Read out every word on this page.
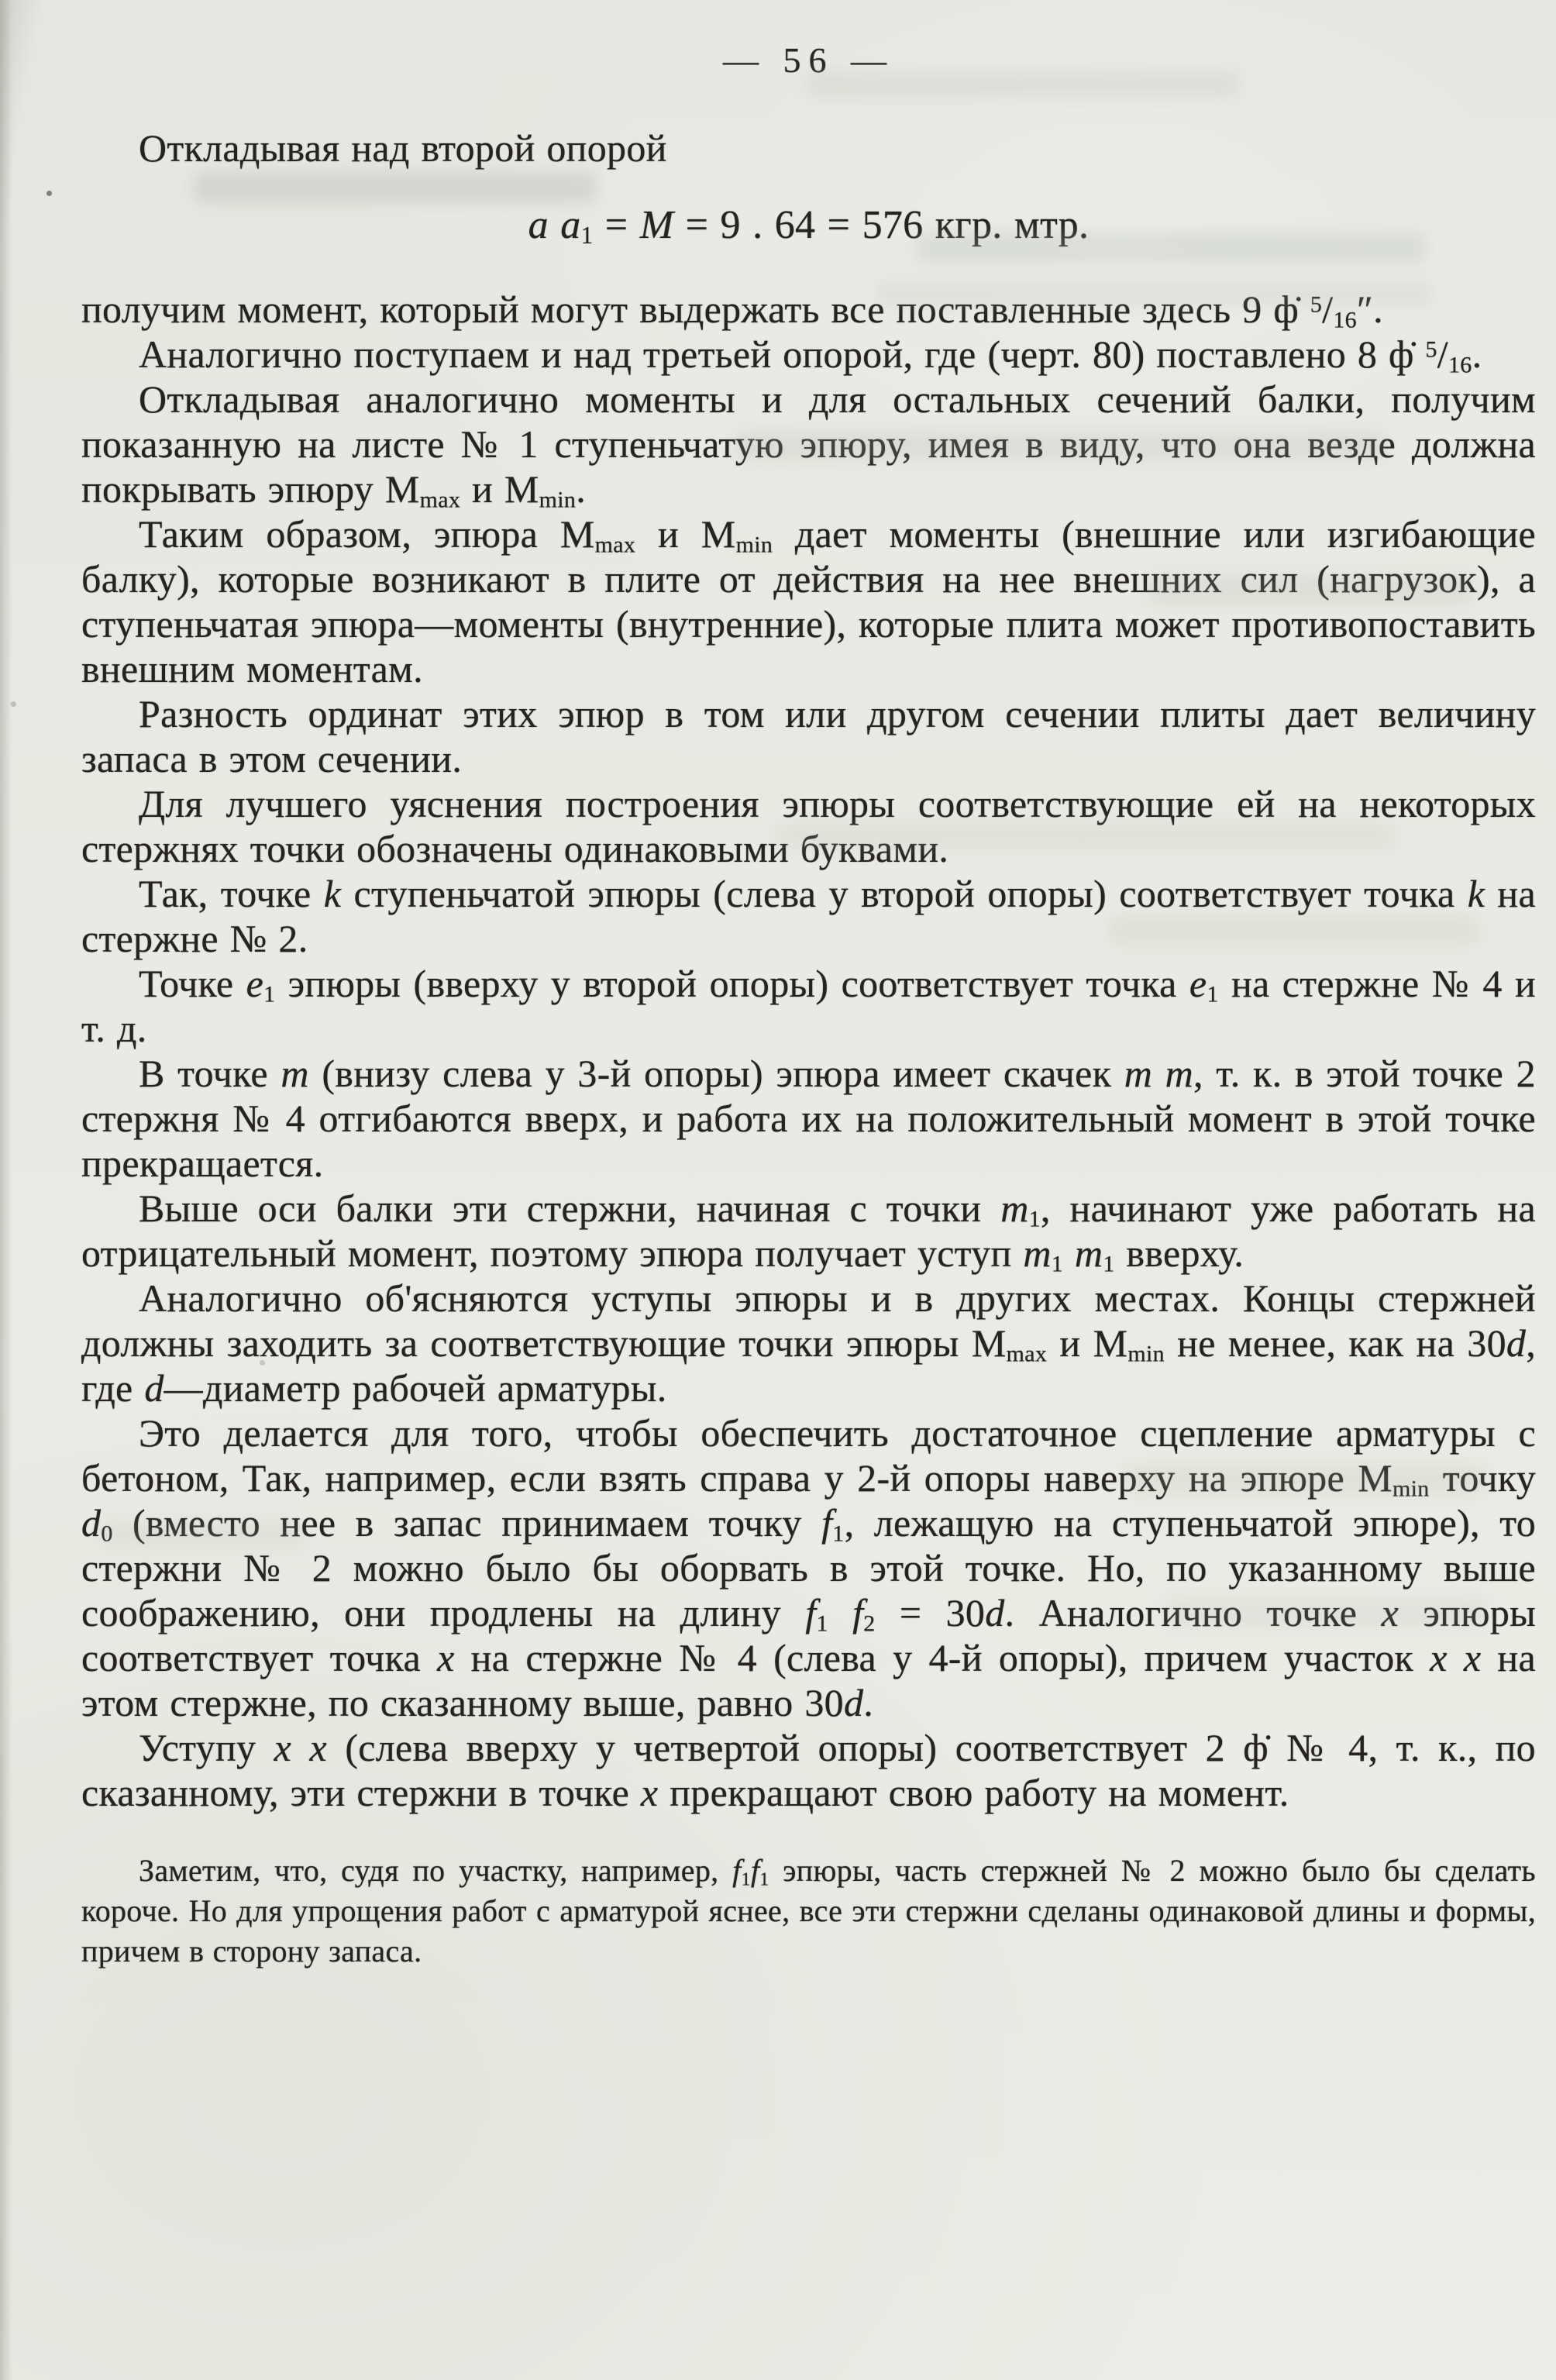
— 56 —

Откладывая над второй опорой

a $a_1 = M = 9$ . 64 = 576 кгр. мтр.

получим момент, который могут выдержать все поставленные здесь 9 ф̇ $^5/_{16}''$.

Аналогично поступаем и над третьей опорой, где (черт. 80) поставлено 8 ф̇ $^5/_{16}$.

Откладывая аналогично моменты и для остальных сечений балки, получим показанную на листе № 1 ступеньчатую эпюру, имея в виду, что она везде должна покрывать эпюру $M_{max}$ и $M_{min}$.

Таким образом, эпюра $M_{max}$ и $M_{min}$ дает моменты (внешние или изгибающие балку), которые возникают в плите от действия на нее внешних сил (нагрузок), а ступеньчатая эпюра—моменты (внутренние), которые плита может противопоставить внешним моментам.

Разность ординат этих эпюр в том или другом сечении плиты дает величину запаса в этом сечении.

Для лучшего уяснения построения эпюры соответствующие ей на некоторых стержнях точки обозначены одинаковыми буквами.

Так, точке k ступеньчатой эпюры (слева у второй опоры) соответствует точка k на стержне № 2.

Точке $e_1$ эпюры (вверху у второй опоры) соответствует точка $e_1$ на стержне № 4 и т. д.

В точке m (внизу слева у 3-й опоры) эпюра имеет скачек m m, т. к. в этой точке 2 стержня № 4 отгибаются вверх, и работа их на положительный момент в этой точке прекращается.

Выше оси балки эти стержни, начиная с точки $m_1$, начинают уже работать на отрицательный момент, поэтому эпюра получает уступ $m_1$ $m_1$ вверху.

Аналогично об'ясняются уступы эпюры и в других местах. Концы стержней должны заходить за соответствующие точки эпюры $M_{max}$ и $M_{min}$ не менее, как на 30d, где d—диаметр рабочей арматуры.

Это делается для того, чтобы обеспечить достаточное сцепление арматуры с бетоном, Так, например, если взять справа у 2-й опоры наверху на эпюре $M_{min}$ точку $d_0$ (вместо нее в запас принимаем точку $f_1$, лежащую на ступеньчатой эпюре), то стержни № 2 можно было бы оборвать в этой точке. Но, по указанному выше соображению, они продлены на длину $f_1$ $f_2 = 30d$. Аналогично точке x эпюры соответствует точка x на стержне № 4 (слева у 4-й опоры), причем участок x x на этом стержне, по сказанному выше, равно 30d.

Уступу x x (слева вверху у четвертой опоры) соответствует 2 ф̇ № 4, т. к., по сказанному, эти стержни в точке x прекращают свою работу на момент.

Заметим, что, судя по участку, например, $f_1f_1$ эпюры, часть стержней № 2 можно было бы сделать короче. Но для упрощения работ с арматурой яснее, все эти стержни сделаны одинаковой длины и формы, причем в сторону запаса.
